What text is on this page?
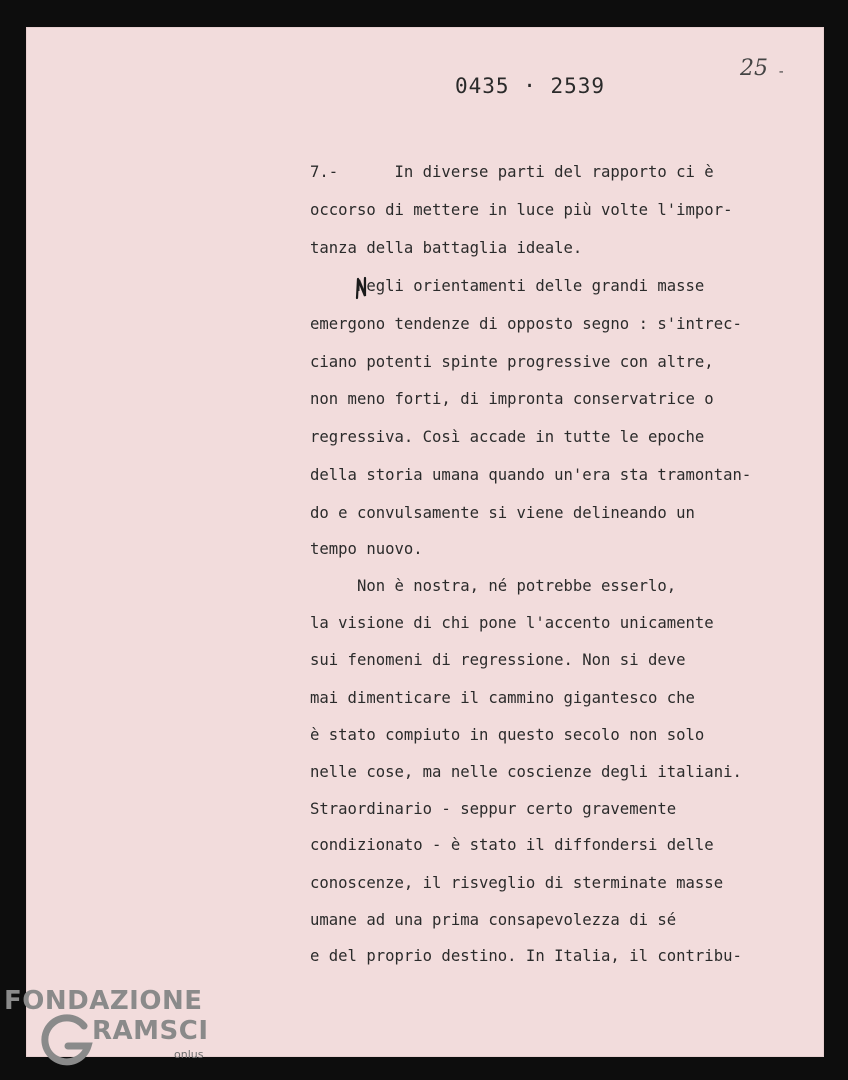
0435 · 2539
25 -
7.-      In diverse parti del rapporto ci è
occorso di mettere in luce più volte l'impor-
tanza della battaglia ideale.
Negli orientamenti delle grandi masse
emergono tendenze di opposto segno : s'intrec-
ciano potenti spinte progressive con altre,
non meno forti, di impronta conservatrice o
regressiva. Così accade in tutte le epoche
della storia umana quando un'era sta tramontan-
do e convulsamente si viene delineando un
tempo nuovo.
Non è nostra, né potrebbe esserlo,
la visione di chi pone l'accento unicamente
sui fenomeni di regressione. Non si deve
mai dimenticare il cammino gigantesco che
è stato compiuto in questo secolo non solo
nelle cose, ma nelle coscienze degli italiani.
Straordinario - seppur certo gravemente
condizionato - è stato il diffondersi delle
conoscenze, il risveglio di sterminate masse
umane ad una prima consapevolezza di sé
e del proprio destino. In Italia, il contribu-
FONDAZIONE
RAMSCI
onlus
